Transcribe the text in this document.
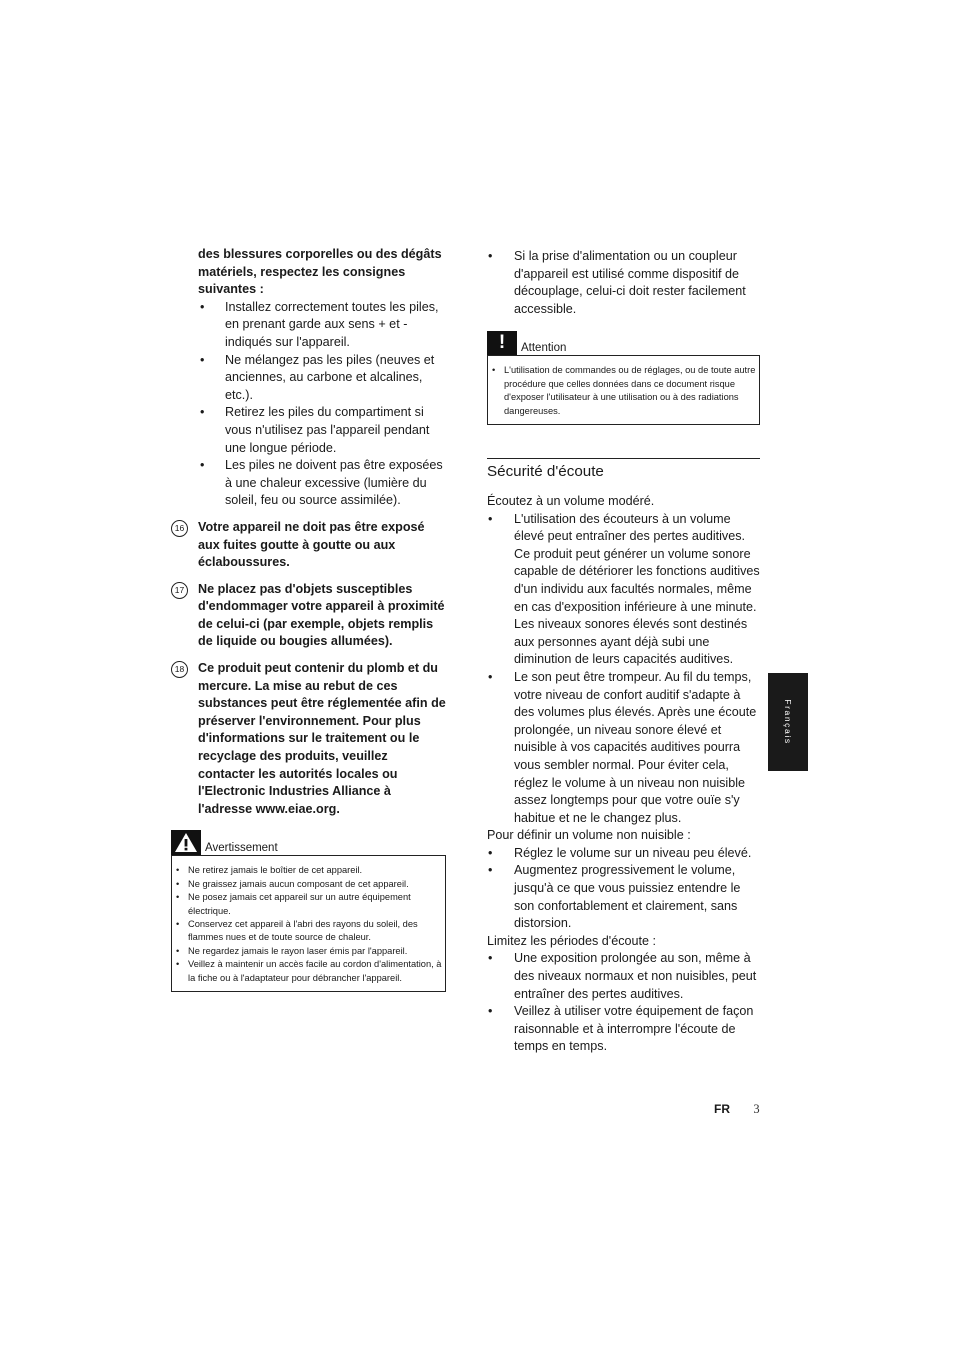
des blessures corporelles ou des dégâts matériels, respectez les consignes suivantes :

• Installez correctement toutes les piles, en prenant garde aux sens + et - indiqués sur l'appareil.
• Ne mélangez pas les piles (neuves et anciennes, au carbone et alcalines, etc.).
• Retirez les piles du compartiment si vous n'utilisez pas l'appareil pendant une longue période.
• Les piles ne doivent pas être exposées à une chaleur excessive (lumière du soleil, feu ou source assimilée).
16 Votre appareil ne doit pas être exposé aux fuites goutte à goutte ou aux éclaboussures.
17 Ne placez pas d'objets susceptibles d'endommager votre appareil à proximité de celui-ci (par exemple, objets remplis de liquide ou bougies allumées).
18 Ce produit peut contenir du plomb et du mercure. La mise au rebut de ces substances peut être réglementée afin de préserver l'environnement. Pour plus d'informations sur le traitement ou le recyclage des produits, veuillez contacter les autorités locales ou l'Electronic Industries Alliance à l'adresse www.eiae.org.
Avertissement
• Ne retirez jamais le boîtier de cet appareil.
• Ne graissez jamais aucun composant de cet appareil.
• Ne posez jamais cet appareil sur un autre équipement électrique.
• Conservez cet appareil à l'abri des rayons du soleil, des flammes nues et de toute source de chaleur.
• Ne regardez jamais le rayon laser émis par l'appareil.
• Veillez à maintenir un accès facile au cordon d'alimentation, à la fiche ou à l'adaptateur pour débrancher l'appareil.
• Si la prise d'alimentation ou un coupleur d'appareil est utilisé comme dispositif de découplage, celui-ci doit rester facilement accessible.
!	Attention
• L'utilisation de commandes ou de réglages, ou de toute autre procédure que celles données dans ce document risque d'exposer l'utilisateur à une utilisation ou à des radiations dangereuses.
Sécurité d'écoute

Écoutez à un volume modéré.

• L'utilisation des écouteurs à un volume élevé peut entraîner des pertes auditives. Ce produit peut générer un volume sonore capable de détériorer les fonctions auditives d'un individu aux facultés normales, même en cas d'exposition inférieure à une minute. Les niveaux sonores élevés sont destinés aux personnes ayant déjà subi une diminution de leurs capacités auditives.
• Le son peut être trompeur. Au fil du temps, votre niveau de confort auditif s'adapte à des volumes plus élevés. Après une écoute prolongée, un niveau sonore élevé et nuisible à vos capacités auditives pourra vous sembler normal. Pour éviter cela, réglez le volume à un niveau non nuisible assez longtemps pour que votre ouïe s'y habitue et ne le changez plus.

Pour définir un volume non nuisible :

• Réglez le volume sur un niveau peu élevé.
• Augmentez progressivement le volume, jusqu'à ce que vous puissiez entendre le son confortablement et clairement, sans distorsion.

Limitez les périodes d'écoute :

• Une exposition prolongée au son, même à des niveaux normaux et non nuisibles, peut entraîner des pertes auditives.
• Veillez à utiliser votre équipement de façon raisonnable et à interrompre l'écoute de temps en temps.
Français
FR 3
